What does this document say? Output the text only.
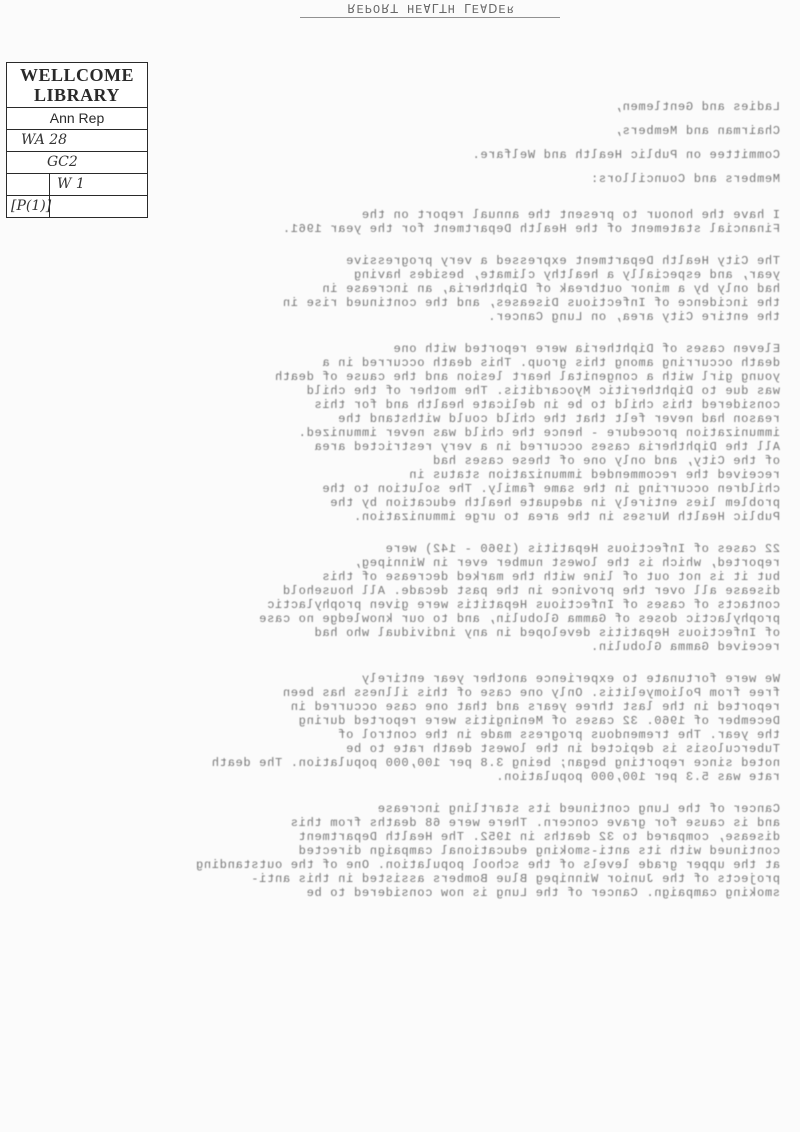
ᴚƎᗡ∀Ǝꓶ HꓕꓶⱯƎH ꓕꓤOԀƎꓤ
WELLCOME
LIBRARY
Ann Rep
WA 28
GC2
W 1
[P(1)]
Ladies and Gentlemen,
Chairman and Members,
Committee on Public Health and Welfare.
Members and Councillors:
I have the honour to present the annual report on the
Financial statement of the Health Department for the year 1961.
The City Health Department expressed a very progressive
year, and especially a healthy climate, besides having
had only by a minor outbreak of Diphtheria, an increase in
the incidence of Infectious Diseases, and the continued rise in
the entire City area, on Lung Cancer.
Eleven cases of Diphtheria were reported with one
death occurring among this group. This death occurred in a
young girl with a congenital heart lesion and the cause of death
was due to Diphtheritic Myocarditis. The mother of the child
considered this child to be in delicate health and for this
reason had never felt that the child could withstand the
immunization procedure - hence the child was never immunized.
All the Diphtheria cases occurred in a very restricted area
of the City, and only one of these cases had
received the recommended immunization status in
children occurring in the same family. The solution to the
problem lies entirely in adequate health education by the
Public Health Nurses in the area to urge immunization.
22 cases of Infectious Hepatitis (1960 - 142) were
reported, which is the lowest number ever in Winnipeg,
but it is not out of line with the marked decrease of this
disease all over the province in the past decade. All household
contacts of cases of Infectious Hepatitis were given prophylactic
prophylactic doses of Gamma Globulin, and to our knowledge no case
of Infectious Hepatitis developed in any individual who had
received Gamma Globulin.
We were fortunate to experience another year entirely
free from Poliomyelitis. Only one case of this illness has been
reported in the last three years and that one case occurred in
December of 1960. 32 cases of Meningitis were reported during
the year. The tremendous progress made in the control of
Tuberculosis is depicted in the lowest death rate to be
noted since reporting began; being 3.8 per 100,000 population. The death
rate was 5.3 per 100,000 population.
Cancer of the Lung continued its startling increase
and is cause for grave concern. There were 68 deaths from this
disease, compared to 32 deaths in 1952. The Health Department
continued with its anti-smoking educational campaign directed
at the upper grade levels of the school population. One of the outstanding
projects of the Junior Winnipeg Blue Bombers assisted in this anti-
smoking campaign. Cancer of the Lung is now considered to be
